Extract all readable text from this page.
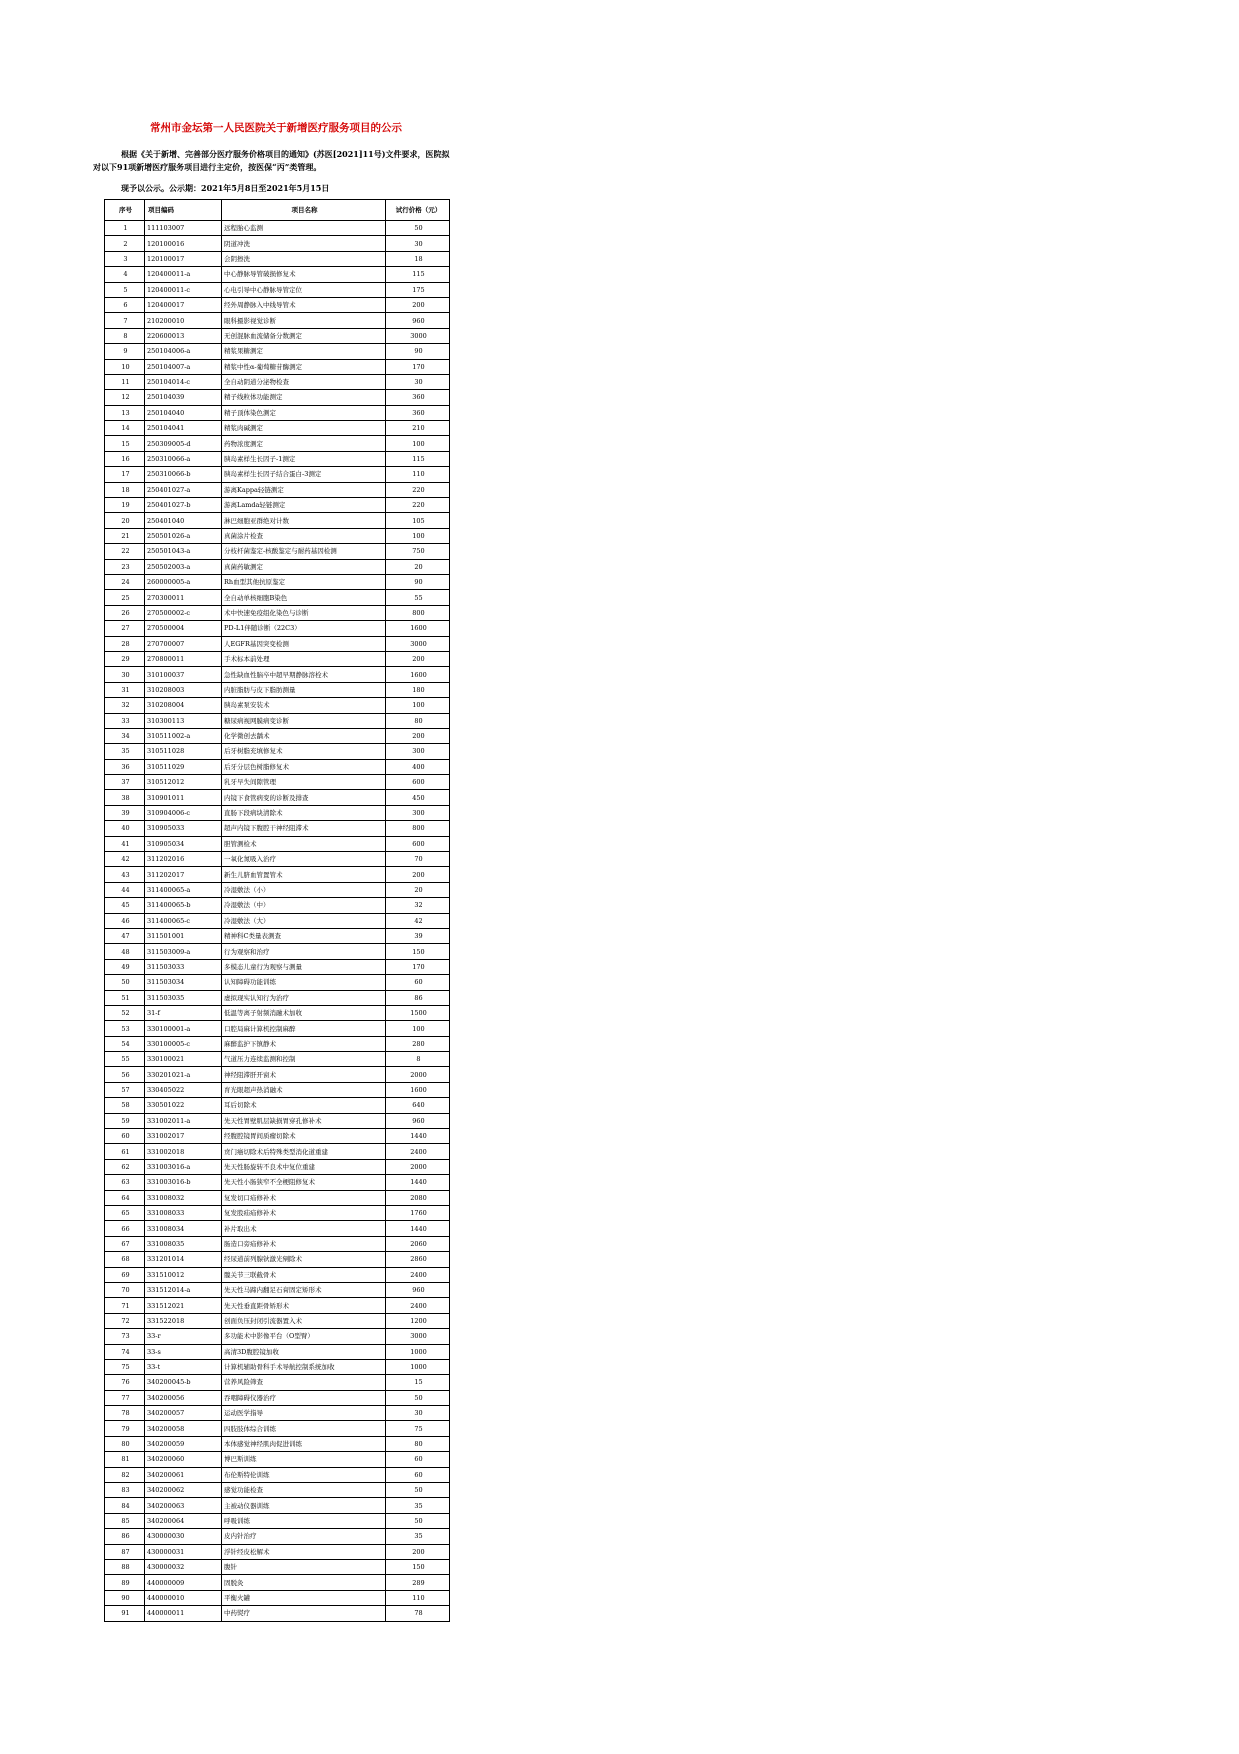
常州市金坛第一人民医院关于新增医疗服务项目的公示

根据《关于新增、完善部分医疗服务价格项目的通知》(苏医[2021]11号)文件要求，医院拟对以下91项新增医疗服务项目进行主定价，按医保“丙”类管理。

现予以公示。公示期：2021年5月8日至2021年5月15日
序号	项目编码	项目名称	试行价格（元）
1	111103007	远程胎心监测	50
2	120100016	阴道冲洗	30
3	120100017	会阴擦洗	18
4	120400011-a	中心静脉导管破损修复术	115
5	120400011-c	心电引导中心静脉导管定位	175
6	120400017	经外周静脉入中线导管术	200
7	210200010	眼科摄影视觉诊断	960
8	220600013	无创混脉血流储备分数测定	3000
9	250104006-a	精浆果糖测定	90
10	250104007-a	精浆中性α-葡萄糖苷酶测定	170
11	250104014-c	全自动阴道分泌物检查	30
12	250104039	精子线粒体功能测定	360
13	250104040	精子顶体染色测定	360
14	250104041	精浆肉碱测定	210
15	250309005-d	药物浓度测定	100
16	250310066-a	胰岛素样生长因子-1测定	115
17	250310066-b	胰岛素样生长因子结合蛋白-3测定	110
18	250401027-a	游离Kappa轻链测定	220
19	250401027-b	游离Lamda轻链测定	220
20	250401040	淋巴细胞亚群绝对计数	105
21	250501026-a	真菌涂片检查	100
22	250501043-a	分枝杆菌鉴定-核酸鉴定与耐药基因检测	750
23	250502003-a	真菌药敏测定	20
24	260000005-a	Rh血型其他抗原鉴定	90
25	270300011	全自动单核细胞B染色	55
26	270500002-c	术中快速免疫组化染色与诊断	800
27	270500004	PD-L1伴随诊断（22C3）	1600
28	270700007	人EGFR基因突变检测	3000
29	270800011	手术标本前处理	200
30	310100037	急性缺血性脑卒中超早期静脉溶栓术	1600
31	310208003	内脏脂肪与皮下脂肪测量	180
32	310208004	胰岛素泵安装术	100
33	310300113	糖尿病视网膜病变诊断	80
34	310511002-a	化学微创去龋术	200
35	310511028	后牙树脂充填修复术	300
36	310511029	后牙分层色树脂修复术	400
37	310512012	乳牙早失间隙管理	600
38	310901011	内镜下食管病变的诊断及排查	450
39	310904006-c	直肠下段病块清除术	300
40	310905033	超声内镜下腹腔干神经阻滞术	800
41	310905034	胆管测检术	600
42	311202016	一氧化氮吸入治疗	70
43	311202017	新生儿脐血管置管术	200
44	311400065-a	冷湿敷法（小）	20
45	311400065-b	冷湿敷法（中）	32
46	311400065-c	冷湿敷法（大）	42
47	311501001	精神科C类量表测查	39
48	311503009-a	行为观察和治疗	150
49	311503033	多模态儿童行为观察与测量	170
50	311503034	认知障碍功能训练	60
51	311503035	虚拟现实认知行为治疗	86
52	31-f	低温等离子射频消融术加收	1500
53	330100001-a	口腔局麻计算机控制麻醉	100
54	330100005-c	麻醉监护下镇静术	280
55	330100021	气道压力连续监测和控制	8
56	330201021-a	神经阻滞肝开窗术	2000
57	330405022	育光眼超声热消融术	1600
58	330501022	耳后切除术	640
59	331002011-a	先天性胃壁肌层缺损胃穿孔修补术	960
60	331002017	经腹腔镜胃间质瘤切除术	1440
61	331002018	贲门癌切除术后特殊类型消化道重建	2400
62	331003016-a	先天性肠旋转不良术中复位重建	2000
63	331003016-b	先天性小肠狭窄不全梗阻修复术	1440
64	331008032	复发切口疝修补术	2080
65	331008033	复发股疝疝修补术	1760
66	331008034	补片取出术	1440
67	331008035	肠造口旁疝修补术	2060
68	331201014	经尿道前列腺钬激光剜除术	2860
69	331510012	髋关节三联截骨术	2400
70	331512014-a	先天性马蹄内翻足石膏固定矫形术	960
71	331512021	先天性垂直距骨矫形术	2400
72	331522018	创面负压封闭引流器置入术	1200
73	33-r	多功能术中影像平台（O型臂）	3000
74	33-s	高清3D腹腔镜加收	1000
75	33-t	计算机辅助骨科手术导航控制系统加收	1000
76	340200045-b	营养风险筛查	15
77	340200056	吞咽障碍仪器治疗	50
78	340200057	运动医学指导	30
79	340200058	四肢肢体综合训练	75
80	340200059	本体感觉神经肌肉促进训练	80
81	340200060	博巴斯训练	60
82	340200061	布伦斯特伦训练	60
83	340200062	感觉功能检查	50
84	340200063	主被动仪器训练	35
85	340200064	呼吸训练	50
86	430000030	皮内针治疗	35
87	430000031	浮针经皮松解术	200
88	430000032	腹针	150
89	440000009	固脱灸	289
90	440000010	平衡火罐	110
91	440000011	中药熨疗	78
